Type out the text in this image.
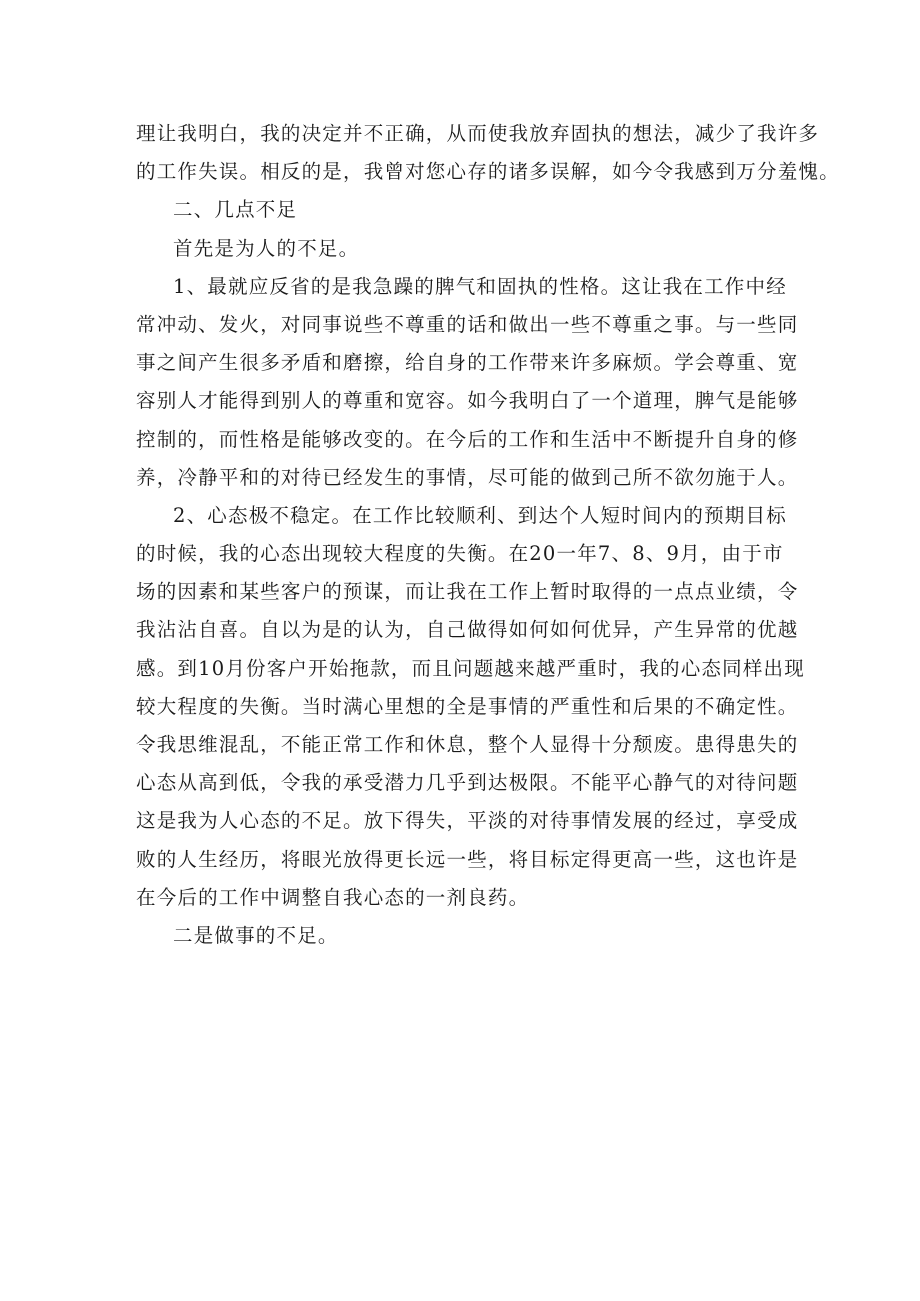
理让我明白，我的决定并不正确，从而使我放弃固执的想法，减少了我许多
的工作失误。相反的是，我曾对您心存的诸多误解，如今令我感到万分羞愧。
二、几点不足
首先是为人的不足。
1、最就应反省的是我急躁的脾气和固执的性格。这让我在工作中经
常冲动、发火，对同事说些不尊重的话和做出一些不尊重之事。与一些同
事之间产生很多矛盾和磨擦，给自身的工作带来许多麻烦。学会尊重、宽
容别人才能得到别人的尊重和宽容。如今我明白了一个道理，脾气是能够
控制的，而性格是能够改变的。在今后的工作和生活中不断提升自身的修
养，冷静平和的对待已经发生的事情，尽可能的做到己所不欲勿施于人。
2、心态极不稳定。在工作比较顺利、到达个人短时间内的预期目标
的时候，我的心态出现较大程度的失衡。在20一年7、8、9月，由于市
场的因素和某些客户的预谋，而让我在工作上暂时取得的一点点业绩，令
我沾沾自喜。自以为是的认为，自己做得如何如何优异，产生异常的优越
感。到10月份客户开始拖款，而且问题越来越严重时，我的心态同样出现
较大程度的失衡。当时满心里想的全是事情的严重性和后果的不确定性。
令我思维混乱，不能正常工作和休息，整个人显得十分颓废。患得患失的
心态从高到低，令我的承受潜力几乎到达极限。不能平心静气的对待问题
这是我为人心态的不足。放下得失，平淡的对待事情发展的经过，享受成
败的人生经历，将眼光放得更长远一些，将目标定得更高一些，这也许是
在今后的工作中调整自我心态的一剂良药。
二是做事的不足。
